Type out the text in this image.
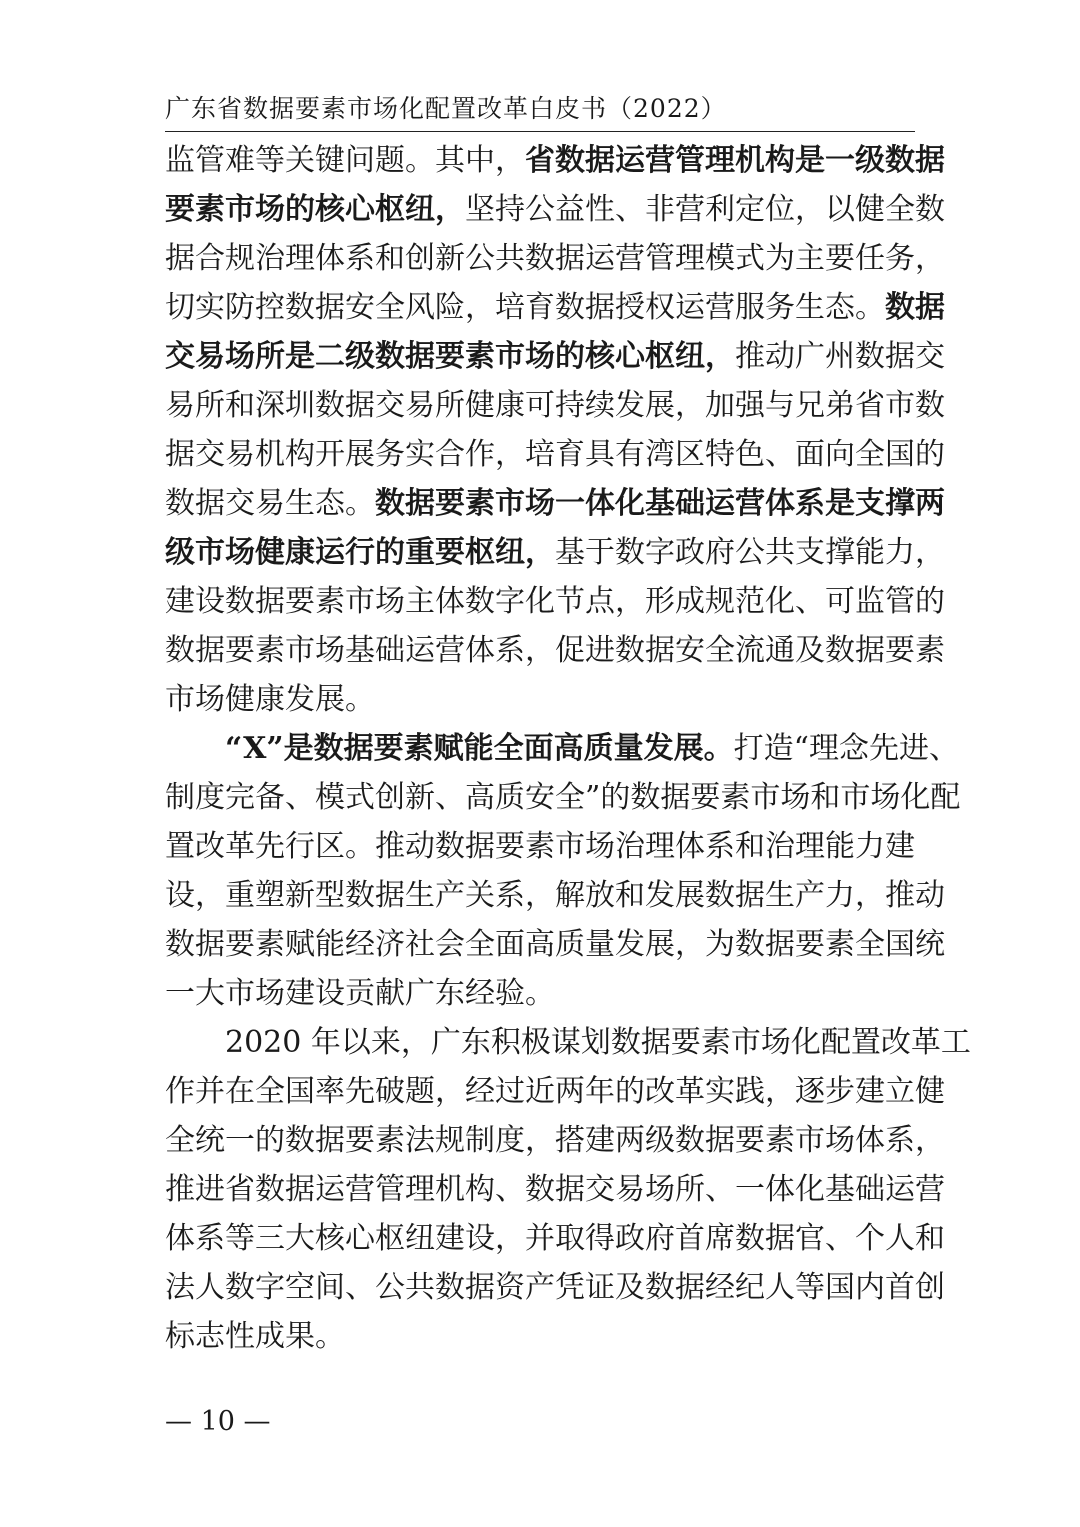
广东省数据要素市场化配置改革白皮书（2022）
监管难等关键问题。其中，省数据运营管理机构是一级数据
要素市场的核心枢纽，坚持公益性、非营利定位，以健全数
据合规治理体系和创新公共数据运营管理模式为主要任务，
切实防控数据安全风险，培育数据授权运营服务生态。数据
交易场所是二级数据要素市场的核心枢纽，推动广州数据交
易所和深圳数据交易所健康可持续发展，加强与兄弟省市数
据交易机构开展务实合作，培育具有湾区特色、面向全国的
数据交易生态。数据要素市场一体化基础运营体系是支撑两
级市场健康运行的重要枢纽，基于数字政府公共支撑能力，
建设数据要素市场主体数字化节点，形成规范化、可监管的
数据要素市场基础运营体系，促进数据安全流通及数据要素
市场健康发展。
“X”是数据要素赋能全面高质量发展。打造“理念先进、
制度完备、模式创新、高质安全”的数据要素市场和市场化配
置改革先行区。推动数据要素市场治理体系和治理能力建
设，重塑新型数据生产关系，解放和发展数据生产力，推动
数据要素赋能经济社会全面高质量发展，为数据要素全国统
一大市场建设贡献广东经验。
2020 年以来，广东积极谋划数据要素市场化配置改革工
作并在全国率先破题，经过近两年的改革实践，逐步建立健
全统一的数据要素法规制度，搭建两级数据要素市场体系，
推进省数据运营管理机构、数据交易场所、一体化基础运营
体系等三大核心枢纽建设，并取得政府首席数据官、个人和
法人数字空间、公共数据资产凭证及数据经纪人等国内首创
标志性成果。
— 10 —
